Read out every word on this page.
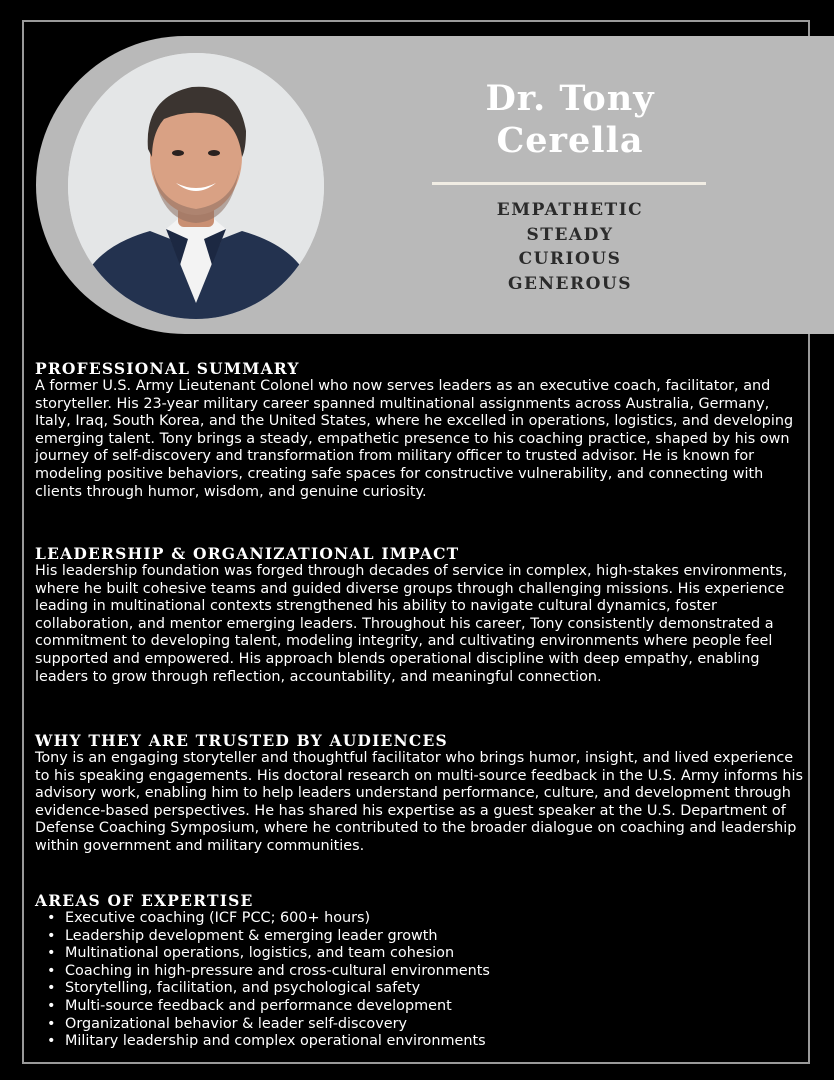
Dr. Tony
Cerella
EMPATHETIC
STEADY
CURIOUS
GENEROUS
PROFESSIONAL SUMMARY

A former U.S. Army Lieutenant Colonel who now serves leaders as an executive coach, facilitator, and storyteller. His 23-year military career spanned multinational assignments across Australia, Germany, Italy, Iraq, South Korea, and the United States, where he excelled in operations, logistics, and developing emerging talent. Tony brings a steady, empathetic presence to his coaching practice, shaped by his own journey of self-discovery and transformation from military officer to trusted advisor. He is known for modeling positive behaviors, creating safe spaces for constructive vulnerability, and connecting with clients through humor, wisdom, and genuine curiosity.

LEADERSHIP & ORGANIZATIONAL IMPACT

His leadership foundation was forged through decades of service in complex, high-stakes environments, where he built cohesive teams and guided diverse groups through challenging missions. His experience leading in multinational contexts strengthened his ability to navigate cultural dynamics, foster collaboration, and mentor emerging leaders. Throughout his career, Tony consistently demonstrated a commitment to developing talent, modeling integrity, and cultivating environments where people feel supported and empowered. His approach blends operational discipline with deep empathy, enabling leaders to grow through reflection, accountability, and meaningful connection.

WHY THEY ARE TRUSTED BY AUDIENCES

Tony is an engaging storyteller and thoughtful facilitator who brings humor, insight, and lived experience to his speaking engagements. His doctoral research on multi-source feedback in the U.S. Army informs his advisory work, enabling him to help leaders understand performance, culture, and development through evidence-based perspectives. He has shared his expertise as a guest speaker at the U.S. Department of Defense Coaching Symposium, where he contributed to the broader dialogue on coaching and leadership within government and military communities.

AREAS OF EXPERTISE
• Executive coaching (ICF PCC; 600+ hours)
• Leadership development & emerging leader growth
• Multinational operations, logistics, and team cohesion
• Coaching in high-pressure and cross-cultural environments
• Storytelling, facilitation, and psychological safety
• Multi-source feedback and performance development
• Organizational behavior & leader self-discovery
• Military leadership and complex operational environments
